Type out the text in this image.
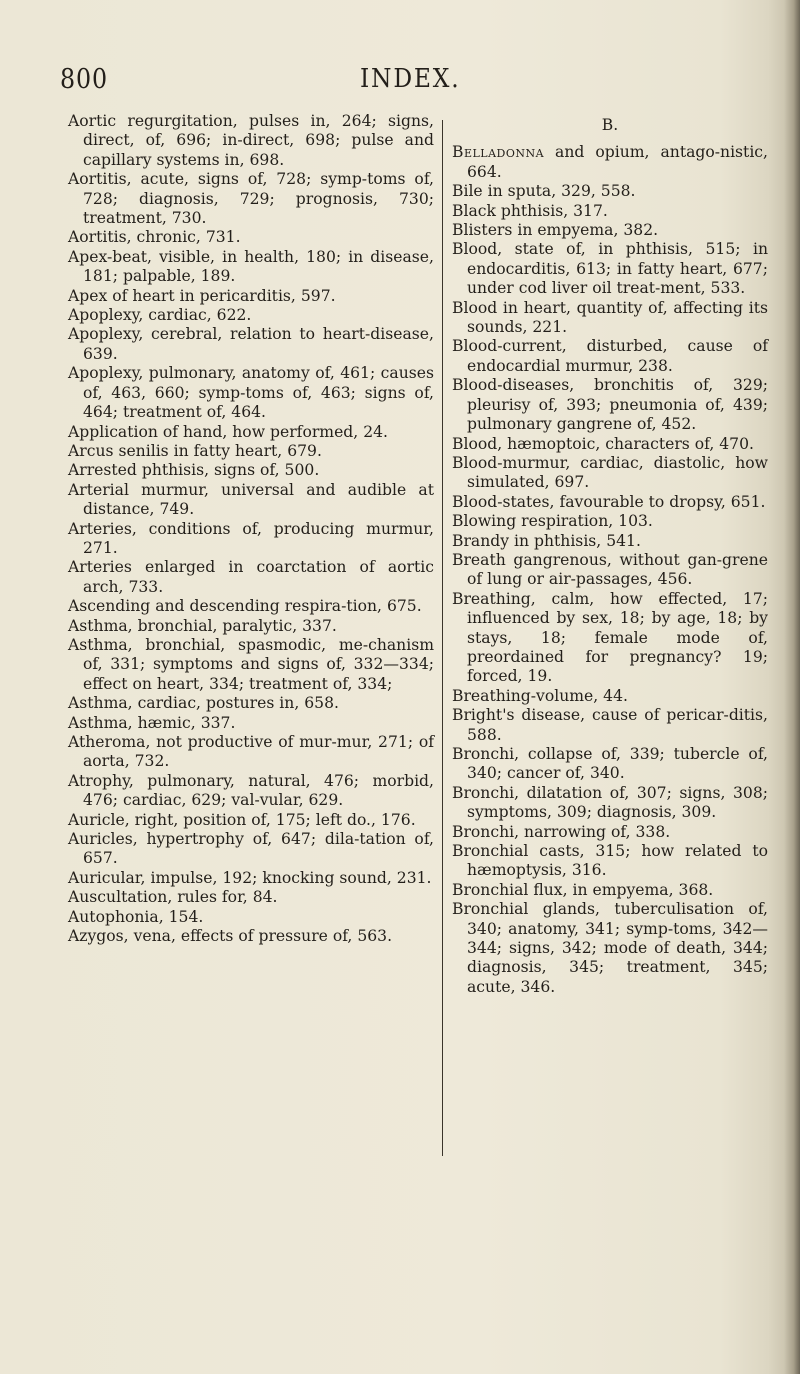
800	INDEX.

Aortic regurgitation, pulses in, 264; signs, direct, of, 696; in-direct, 698; pulse and capillary systems in, 698.

Aortitis, acute, signs of, 728; symp-toms of, 728; diagnosis, 729; prognosis, 730; treatment, 730.

Aortitis, chronic, 731.

Apex-beat, visible, in health, 180; in disease, 181; palpable, 189.

Apex of heart in pericarditis, 597.

Apoplexy, cardiac, 622.

Apoplexy, cerebral, relation to heart-disease, 639.

Apoplexy, pulmonary, anatomy of, 461; causes of, 463, 660; symp-toms of, 463; signs of, 464; treatment of, 464.

Application of hand, how performed, 24.

Arcus senilis in fatty heart, 679.

Arrested phthisis, signs of, 500.

Arterial murmur, universal and audible at distance, 749.

Arteries, conditions of, producing murmur, 271.

Arteries enlarged in coarctation of aortic arch, 733.

Ascending and descending respira-tion, 675.

Asthma, bronchial, paralytic, 337.

Asthma, bronchial, spasmodic, me-chanism of, 331; symptoms and signs of, 332—334; effect on heart, 334; treatment of, 334;

Asthma, cardiac, postures in, 658.

Asthma, hæmic, 337.

Atheroma, not productive of mur-mur, 271; of aorta, 732.

Atrophy, pulmonary, natural, 476; morbid, 476; cardiac, 629; val-vular, 629.

Auricle, right, position of, 175; left do., 176.

Auricles, hypertrophy of, 647; dila-tation of, 657.

Auricular, impulse, 192; knocking sound, 231.

Auscultation, rules for, 84.

Autophonia, 154.

Azygos, vena, effects of pressure of, 563.

B.

Belladonna and opium, antago-nistic, 664.

Bile in sputa, 329, 558.

Black phthisis, 317.

Blisters in empyema, 382.

Blood, state of, in phthisis, 515; in endocarditis, 613; in fatty heart, 677; under cod liver oil treat-ment, 533.

Blood in heart, quantity of, affecting its sounds, 221.

Blood-current, disturbed, cause of endocardial murmur, 238.

Blood-diseases, bronchitis of, 329; pleurisy of, 393; pneumonia of, 439; pulmonary gangrene of, 452.

Blood, hæmoptoic, characters of, 470.

Blood-murmur, cardiac, diastolic, how simulated, 697.

Blood-states, favourable to dropsy, 651.

Blowing respiration, 103.

Brandy in phthisis, 541.

Breath gangrenous, without gan-grene of lung or air-passages, 456.

Breathing, calm, how effected, 17; influenced by sex, 18; by age, 18; by stays, 18; female mode of, preordained for pregnancy? 19; forced, 19.

Breathing-volume, 44.

Bright's disease, cause of pericar-ditis, 588.

Bronchi, collapse of, 339; tubercle of, 340; cancer of, 340.

Bronchi, dilatation of, 307; signs, 308; symptoms, 309; diagnosis, 309.

Bronchi, narrowing of, 338.

Bronchial casts, 315; how related to hæmoptysis, 316.

Bronchial flux, in empyema, 368.

Bronchial glands, tuberculisation of, 340; anatomy, 341; symp-toms, 342—344; signs, 342; mode of death, 344; diagnosis, 345; treatment, 345; acute, 346.
